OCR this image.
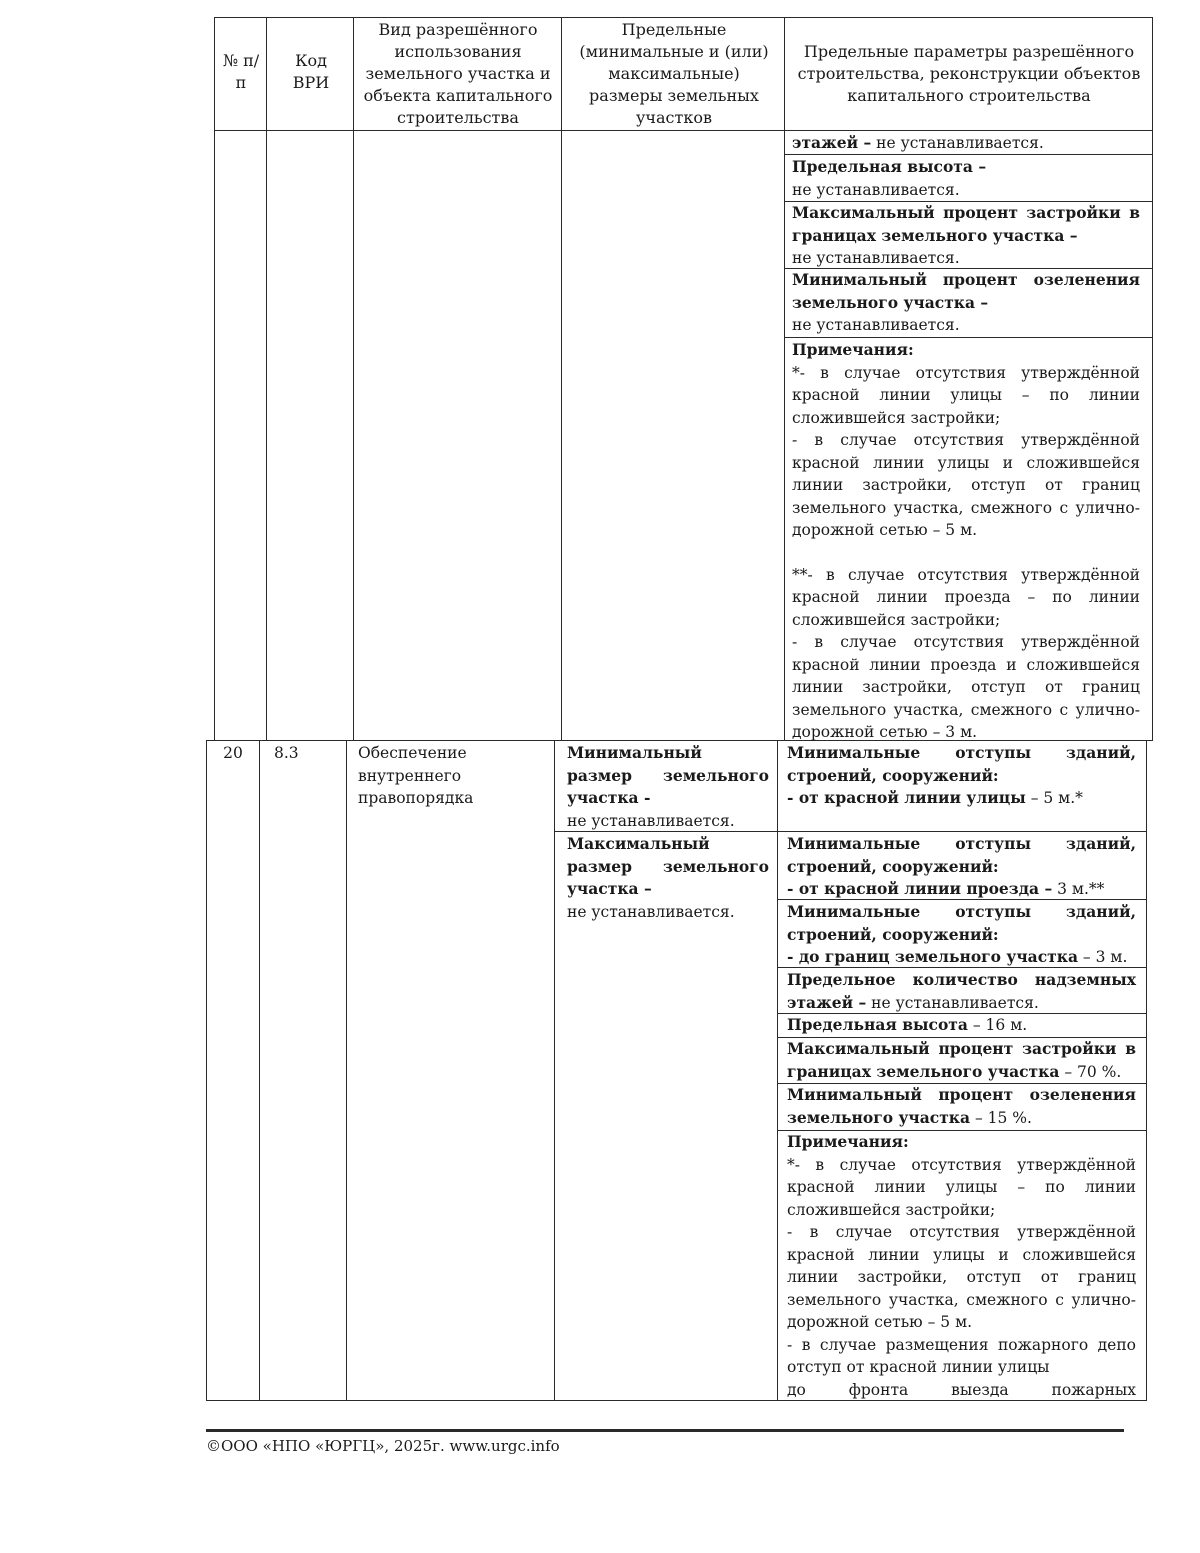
№ п/п
Код ВРИ
Вид разрешённого использования земельного участка и объекта капитального строительства
Предельные (минимальные и (или) максимальные) размеры земельных участков
Предельные параметры разрешённого строительства, реконструкции объектов капитального строительства
этажей – не устанавливается.
Предельная высота –
не устанавливается.
Максимальный процент застройки в границах земельного участка –
не устанавливается.
Минимальный процент озеленения земельного участка –
не устанавливается.
Примечания:
*- в случае отсутствия утверждённой красной линии улицы – по линии сложившейся застройки;
- в случае отсутствия утверждённой красной линии улицы и сложившейся линии застройки, отступ от границ земельного участка, смежного с улично-дорожной сетью – 5 м.
**- в случае отсутствия утверждённой красной линии проезда – по линии сложившейся застройки;
- в случае отсутствия утверждённой красной линии проезда и сложившейся линии застройки, отступ от границ земельного участка, смежного с улично-дорожной сетью – 3 м.
20	8.3	Обеспечение внутреннего правопорядка
Минимальный размер земельного участка -
не устанавливается.
Максимальный размер земельного участка –
не устанавливается.
Минимальные отступы зданий, строений, сооружений:
- от красной линии улицы – 5 м.*
Минимальные отступы зданий, строений, сооружений:
- от красной линии проезда – 3 м.**
Минимальные отступы зданий, строений, сооружений:
- до границ земельного участка – 3 м.
Предельное количество надземных этажей – не устанавливается.
Предельная высота – 16 м.
Максимальный процент застройки в границах земельного участка – 70 %.
Минимальный процент озеленения земельного участка – 15 %.
Примечания:
*- в случае отсутствия утверждённой красной линии улицы – по линии сложившейся застройки;
- в случае отсутствия утверждённой красной линии улицы и сложившейся линии застройки, отступ от границ земельного участка, смежного с улично-дорожной сетью – 5 м.
- в случае размещения пожарного депо отступ от красной линии улицы
до фронта выезда пожарных
©ООО «НПО «ЮРГЦ», 2025г. www.urgc.info
